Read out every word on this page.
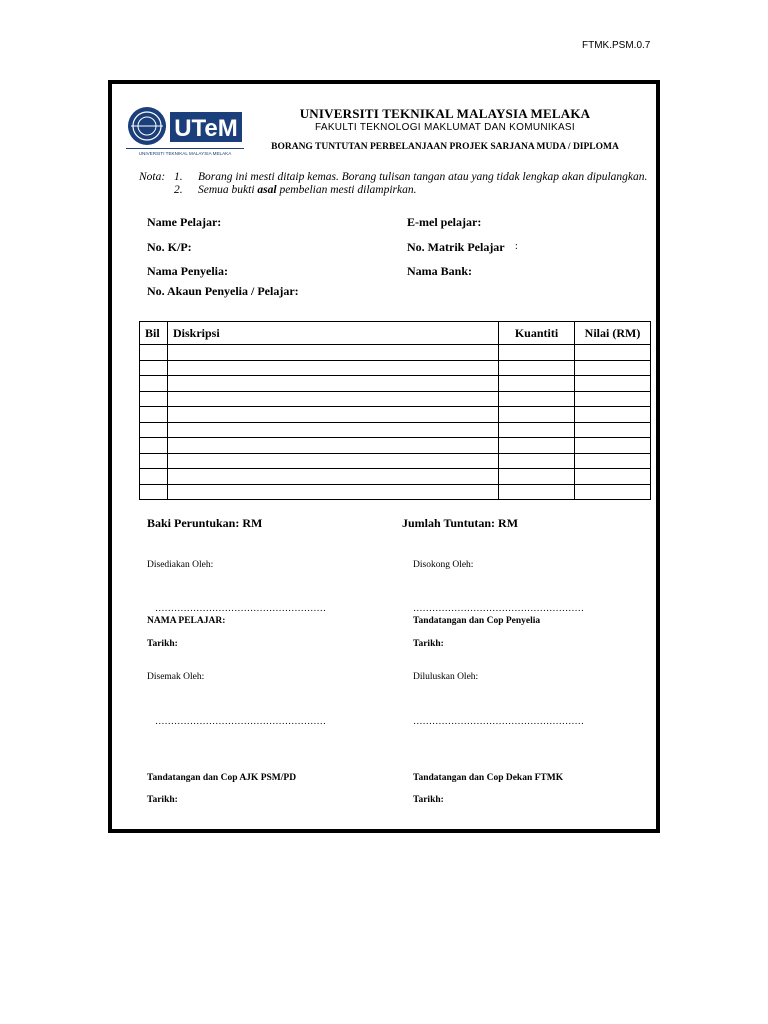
FTMK.PSM.0.7
UTeM
UNIVERSITI TEKNIKAL MALAYSIA MELAKA
UNIVERSITI TEKNIKAL MALAYSIA MELAKA
FAKULTI TEKNOLOGI MAKLUMAT DAN KOMUNIKASI
BORANG TUNTUTAN PERBELANJAAN PROJEK SARJANA MUDA / DIPLOMA
Nota: 1. Borang ini mesti ditaip kemas. Borang tulisan tangan atau yang tidak lengkap akan dipulangkan.
2. Semua bukti asal pembelian mesti dilampirkan.
Name Pelajar:	E-mel pelajar:
No. K/P:	No. Matrik Pelajar :
Nama Penyelia:	Nama Bank:
No. Akaun Penyelia / Pelajar:
Bil	Diskripsi	Kuantiti	Nilai (RM)

Baki Peruntukan: RM	Jumlah Tuntutan: RM
Disediakan Oleh:	Disokong Oleh:
………………………………………………	………………………………………………
NAMA PELAJAR:	Tandatangan dan Cop Penyelia
Tarikh:	Tarikh:
Disemak Oleh:	Diluluskan Oleh:
………………………………………………	………………………………………………
Tandatangan dan Cop AJK PSM/PD	Tandatangan dan Cop Dekan FTMK
Tarikh:	Tarikh:
